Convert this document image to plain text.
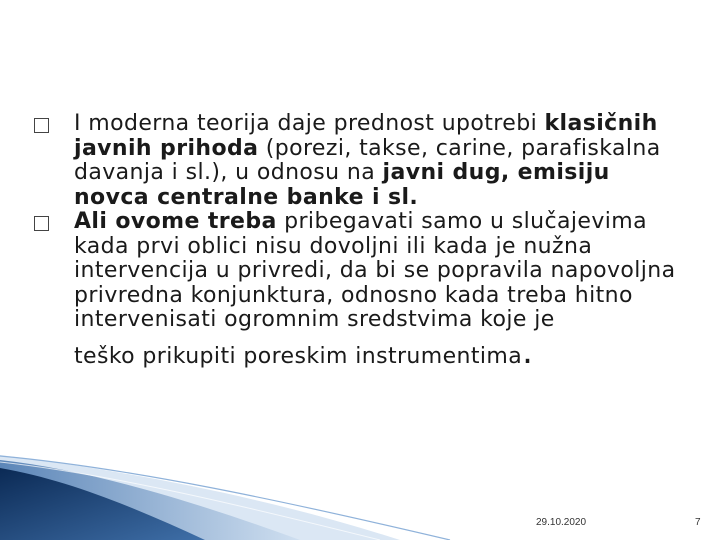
I moderna teorija daje prednost upotrebi klasičnih javnih prihoda (porezi, takse, carine, parafiskalna davanja i sl.), u odnosu na javni dug, emisiju novca centralne banke i sl.
Ali ovome treba pribegavati samo u slučajevima kada prvi oblici nisu dovoljni ili kada je nužna intervencija u privredi, da bi se popravila napovoljna privredna konjunktura, odnosno kada treba hitno intervenisati ogromnim sredstvima koje je
teško prikupiti poreskim instrumentima.
29.10.2020	7
